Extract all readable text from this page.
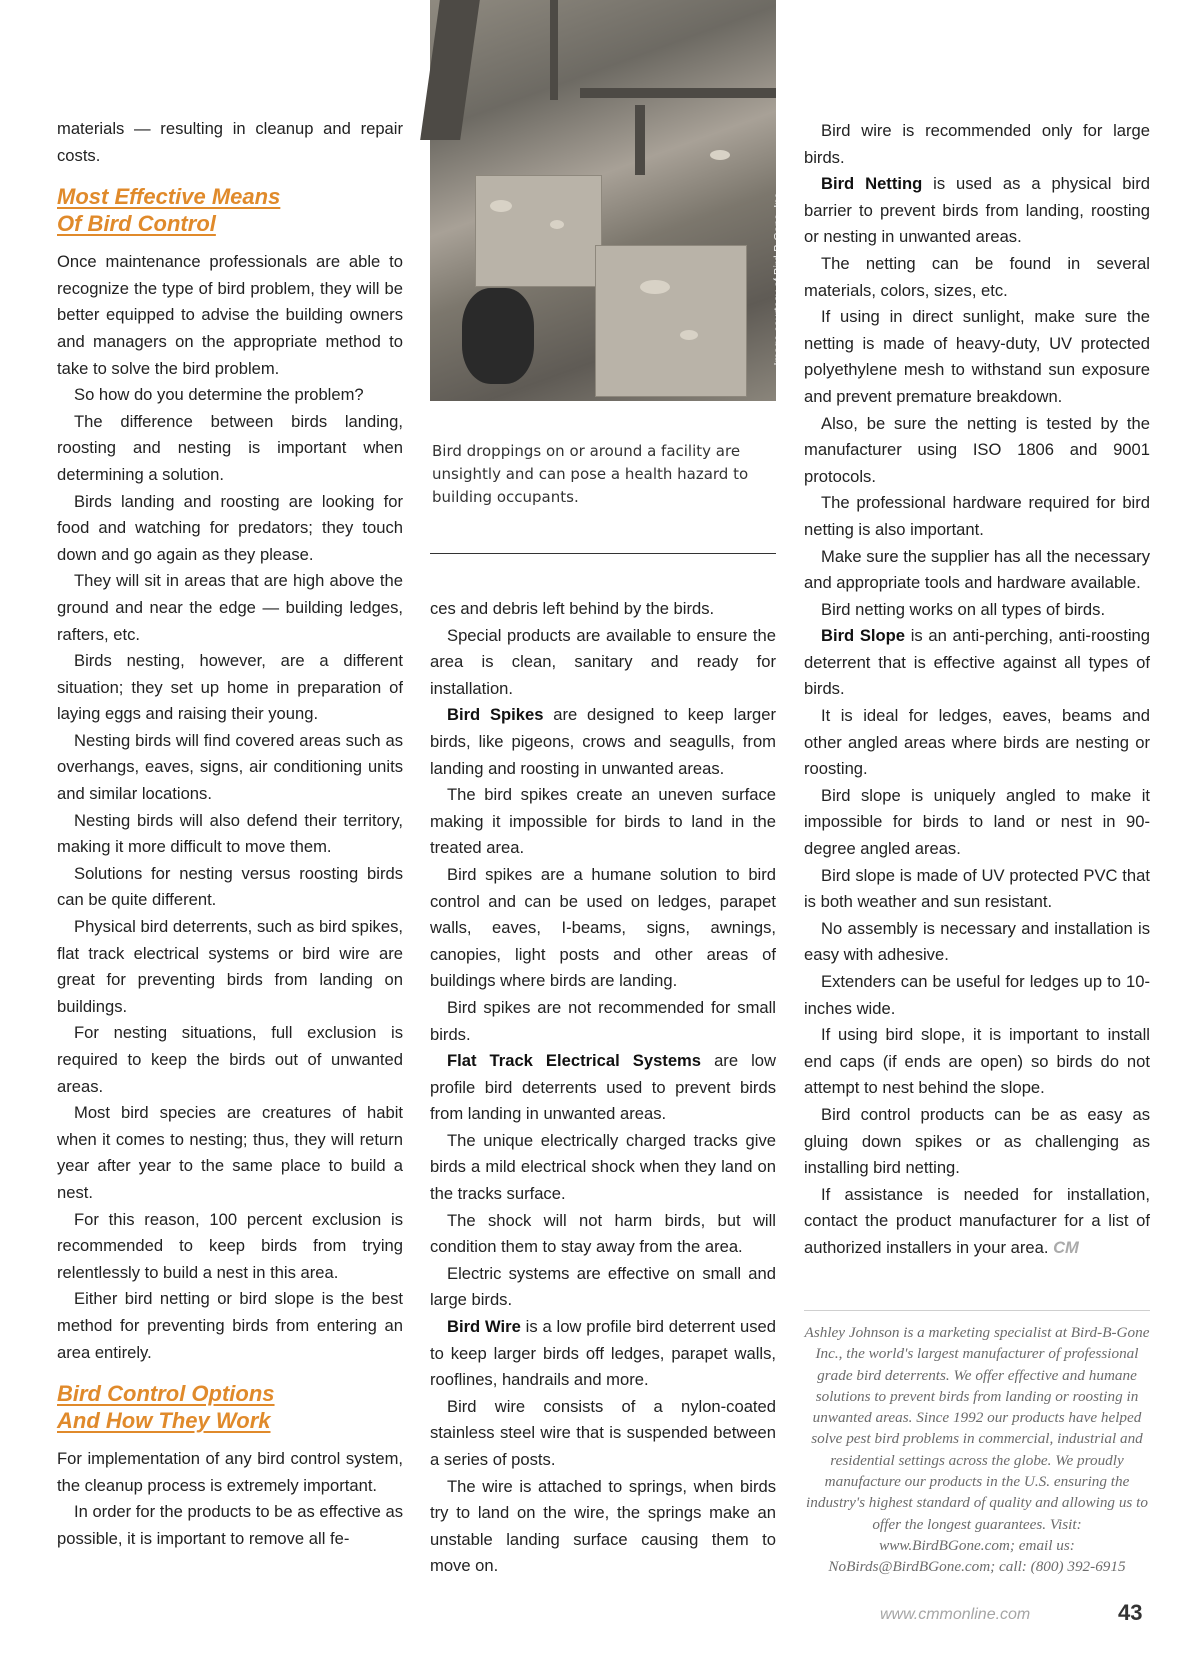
materials — resulting in cleanup and repair costs.

Most Effective Means
Of Bird Control

Once maintenance professionals are able to recognize the type of bird problem, they will be better equipped to advise the building owners and managers on the appropriate method to take to solve the bird problem.

So how do you determine the problem?

The difference between birds landing, roosting and nesting is important when determining a solution.

Birds landing and roosting are looking for food and watching for predators; they touch down and go again as they please.

They will sit in areas that are high above the ground and near the edge — building ledges, rafters, etc.

Birds nesting, however, are a different situation; they set up home in preparation of laying eggs and raising their young.

Nesting birds will find covered areas such as overhangs, eaves, signs, air conditioning units and similar locations.

Nesting birds will also defend their territory, making it more difficult to move them.

Solutions for nesting versus roosting birds can be quite different.

Physical bird deterrents, such as bird spikes, flat track electrical systems or bird wire are great for preventing birds from landing on buildings.

For nesting situations, full exclusion is required to keep the birds out of unwanted areas.

Most bird species are creatures of habit when it comes to nesting; thus, they will return year after year to the same place to build a nest.

For this reason, 100 percent exclusion is recommended to keep birds from trying relentlessly to build a nest in this area.

Either bird netting or bird slope is the best method for preventing birds from entering an area entirely.

Bird Control Options
And How They Work

For implementation of any bird control system, the cleanup process is extremely important.

In order for the products to be as effective as possible, it is important to remove all fe-

Image courtesy of Bird-B-Gone, Inc.
Bird droppings on or around a facility are unsightly and can pose a health hazard to building occupants.

ces and debris left behind by the birds.

Special products are available to ensure the area is clean, sanitary and ready for installation.

Bird Spikes are designed to keep larger birds, like pigeons, crows and seagulls, from landing and roosting in unwanted areas.

The bird spikes create an uneven surface making it impossible for birds to land in the treated area.

Bird spikes are a humane solution to bird control and can be used on ledges, parapet walls, eaves, I-beams, signs, awnings, canopies, light posts and other areas of buildings where birds are landing.

Bird spikes are not recommended for small birds.

Flat Track Electrical Systems are low profile bird deterrents used to prevent birds from landing in unwanted areas.

The unique electrically charged tracks give birds a mild electrical shock when they land on the tracks surface.

The shock will not harm birds, but will condition them to stay away from the area.

Electric systems are effective on small and large birds.

Bird Wire is a low profile bird deterrent used to keep larger birds off ledges, parapet walls, rooflines, handrails and more.

Bird wire consists of a nylon-coated stainless steel wire that is suspended between a series of posts.

The wire is attached to springs, when birds try to land on the wire, the springs make an unstable landing surface causing them to move on.

Bird wire is recommended only for large birds.

Bird Netting is used as a physical bird barrier to prevent birds from landing, roosting or nesting in unwanted areas.

The netting can be found in several materials, colors, sizes, etc.

If using in direct sunlight, make sure the netting is made of heavy-duty, UV protected polyethylene mesh to withstand sun exposure and prevent premature breakdown.

Also, be sure the netting is tested by the manufacturer using ISO 1806 and 9001 protocols.

The professional hardware required for bird netting is also important.

Make sure the supplier has all the necessary and appropriate tools and hardware available.

Bird netting works on all types of birds.

Bird Slope is an anti-perching, anti-roosting deterrent that is effective against all types of birds.

It is ideal for ledges, eaves, beams and other angled areas where birds are nesting or roosting.

Bird slope is uniquely angled to make it impossible for birds to land or nest in 90-degree angled areas.

Bird slope is made of UV protected PVC that is both weather and sun resistant.

No assembly is necessary and installation is easy with adhesive.

Extenders can be useful for ledges up to 10-inches wide.

If using bird slope, it is important to install end caps (if ends are open) so birds do not attempt to nest behind the slope.

Bird control products can be as easy as gluing down spikes or as challenging as installing bird netting.

If assistance is needed for installation, contact the product manufacturer for a list of authorized installers in your area. CM

Ashley Johnson is a marketing specialist at Bird-B-Gone Inc., the world's largest manufacturer of professional grade bird deterrents. We offer effective and humane solutions to prevent birds from landing or roosting in unwanted areas. Since 1992 our products have helped solve pest bird problems in commercial, industrial and residential settings across the globe. We proudly manufacture our products in the U.S. ensuring the industry's highest standard of quality and allowing us to offer the longest guarantees. Visit: www.BirdBGone.com; email us: NoBirds@BirdBGone.com; call: (800) 392-6915
www.cmmonline.com	43
